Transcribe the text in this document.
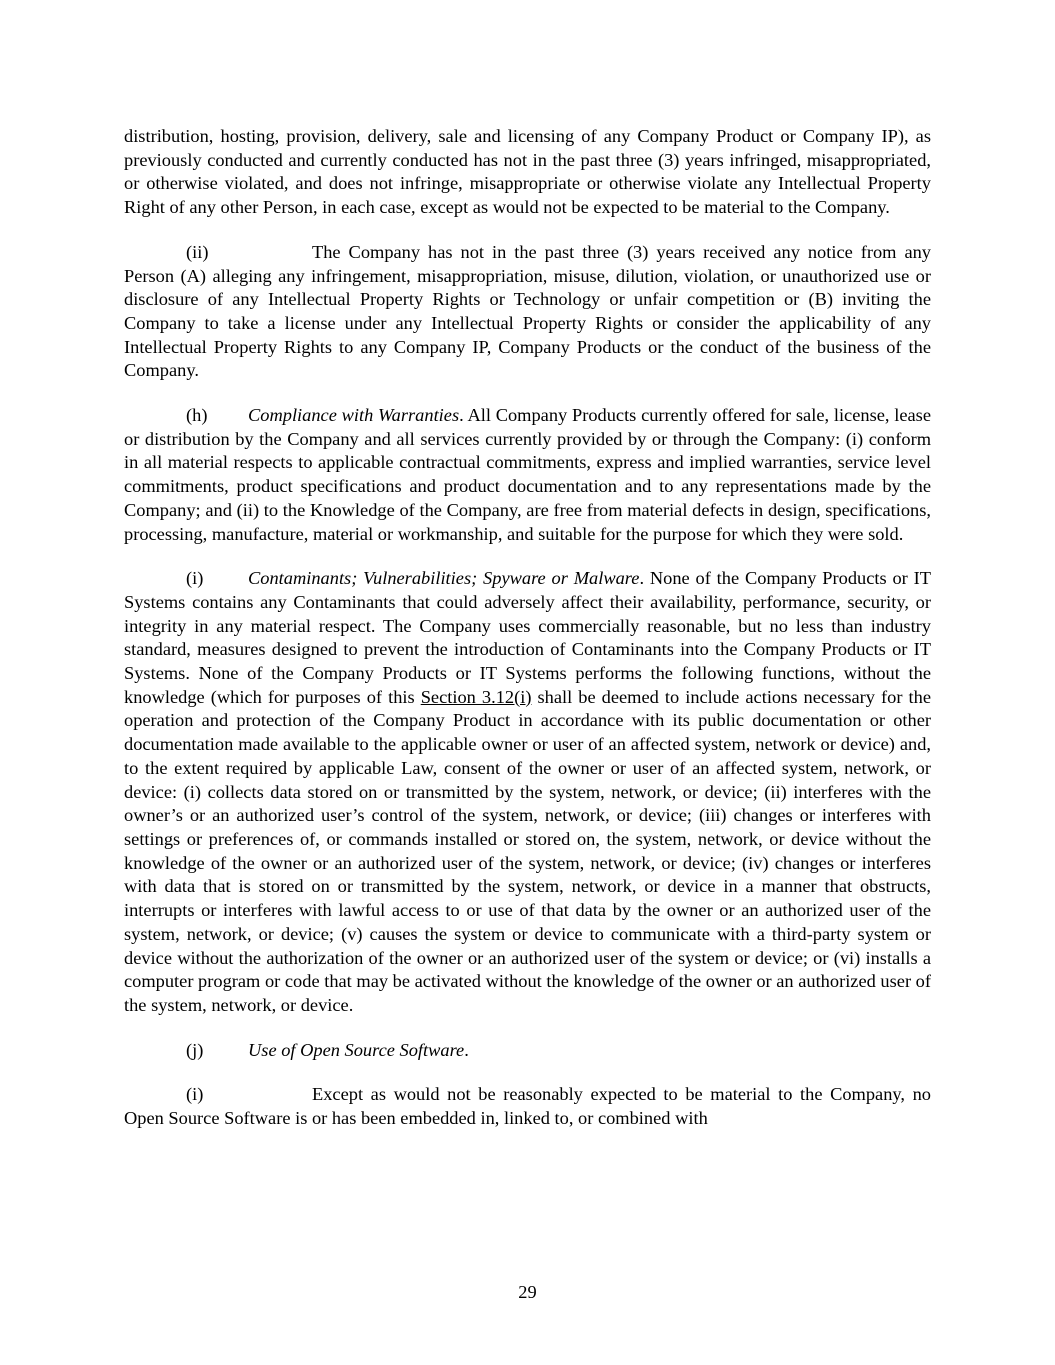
distribution, hosting, provision, delivery, sale and licensing of any Company Product or Company IP), as previously conducted and currently conducted has not in the past three (3) years infringed, misappropriated, or otherwise violated, and does not infringe, misappropriate or otherwise violate any Intellectual Property Right of any other Person, in each case, except as would not be expected to be material to the Company.

(ii)	The Company has not in the past three (3) years received any notice from any Person (A) alleging any infringement, misappropriation, misuse, dilution, violation, or unauthorized use or disclosure of any Intellectual Property Rights or Technology or unfair competition or (B) inviting the Company to take a license under any Intellectual Property Rights or consider the applicability of any Intellectual Property Rights to any Company IP, Company Products or the conduct of the business of the Company.

(h) Compliance with Warranties. All Company Products currently offered for sale, license, lease or distribution by the Company and all services currently provided by or through the Company: (i) conform in all material respects to applicable contractual commitments, express and implied warranties, service level commitments, product specifications and product documentation and to any representations made by the Company; and (ii) to the Knowledge of the Company, are free from material defects in design, specifications, processing, manufacture, material or workmanship, and suitable for the purpose for which they were sold.

(i) Contaminants; Vulnerabilities; Spyware or Malware. None of the Company Products or IT Systems contains any Contaminants that could adversely affect their availability, performance, security, or integrity in any material respect. The Company uses commercially reasonable, but no less than industry standard, measures designed to prevent the introduction of Contaminants into the Company Products or IT Systems. None of the Company Products or IT Systems performs the following functions, without the knowledge (which for purposes of this Section 3.12(i) shall be deemed to include actions necessary for the operation and protection of the Company Product in accordance with its public documentation or other documentation made available to the applicable owner or user of an affected system, network or device) and, to the extent required by applicable Law, consent of the owner or user of an affected system, network, or device: (i) collects data stored on or transmitted by the system, network, or device; (ii) interferes with the owner’s or an authorized user’s control of the system, network, or device; (iii) changes or interferes with settings or preferences of, or commands installed or stored on, the system, network, or device without the knowledge of the owner or an authorized user of the system, network, or device; (iv) changes or interferes with data that is stored on or transmitted by the system, network, or device in a manner that obstructs, interrupts or interferes with lawful access to or use of that data by the owner or an authorized user of the system, network, or device; (v) causes the system or device to communicate with a third-party system or device without the authorization of the owner or an authorized user of the system or device; or (vi) installs a computer program or code that may be activated without the knowledge of the owner or an authorized user of the system, network, or device.

(j) Use of Open Source Software.

(i)	Except as would not be reasonably expected to be material to the Company, no Open Source Software is or has been embedded in, linked to, or combined with

29
